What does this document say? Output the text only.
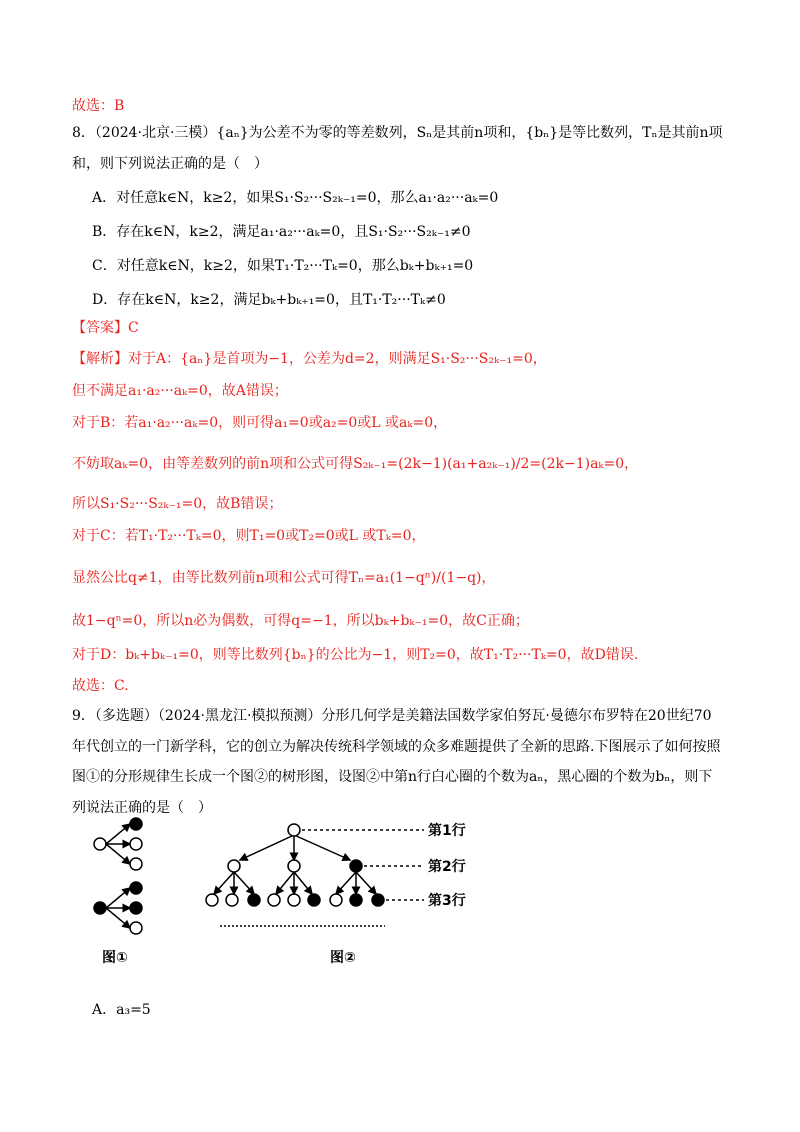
故选：B
8．（2024·北京·三模）{aₙ}为公差不为零的等差数列，Sₙ是其前n项和，{bₙ}是等比数列，Tₙ是其前n项
和，则下列说法正确的是（　）
A．对任意k∈N，k≥2，如果S₁·S₂···S₂ₖ₋₁=0，那么a₁·a₂···aₖ=0
B．存在k∈N，k≥2，满足a₁·a₂···aₖ=0，且S₁·S₂···S₂ₖ₋₁≠0
C．对任意k∈N，k≥2，如果T₁·T₂···Tₖ=0，那么bₖ+bₖ₊₁=0
D．存在k∈N，k≥2，满足bₖ+bₖ₊₁=0，且T₁·T₂···Tₖ≠0
【答案】C
【解析】对于A：{aₙ}是首项为−1，公差为d=2，则满足S₁·S₂···S₂ₖ₋₁=0，
但不满足a₁·a₂···aₖ=0，故A错误；
对于B：若a₁·a₂···aₖ=0，则可得a₁=0或a₂=0或L 或aₖ=0，
不妨取aₖ=0，由等差数列的前n项和公式可得S₂ₖ₋₁=(2k−1)(a₁+a₂ₖ₋₁)/2=(2k−1)aₖ=0，
所以S₁·S₂···S₂ₖ₋₁=0，故B错误；
对于C：若T₁·T₂···Tₖ=0，则T₁=0或T₂=0或L 或Tₖ=0，
显然公比q≠1，由等比数列前n项和公式可得Tₙ=a₁(1−qⁿ)/(1−q)，
故1−qⁿ=0，所以n必为偶数，可得q=−1，所以bₖ+bₖ₋₁=0，故C正确；
对于D：bₖ+bₖ₋₁=0，则等比数列{bₙ}的公比为−1，则T₂=0，故T₁·T₂···Tₖ=0，故D错误.
故选：C.
9．（多选题）（2024·黑龙江·模拟预测）分形几何学是美籍法国数学家伯努瓦·曼德尔布罗特在20世纪70
年代创立的一门新学科，它的创立为解决传统科学领域的众多难题提供了全新的思路.下图展示了如何按照
图①的分形规律生长成一个图②的树形图，设图②中第n行白心圈的个数为aₙ，黑心圈的个数为bₙ，则下
列说法正确的是（　）
图①
第1行
第2行
第3行
图②
A．a₃=5
